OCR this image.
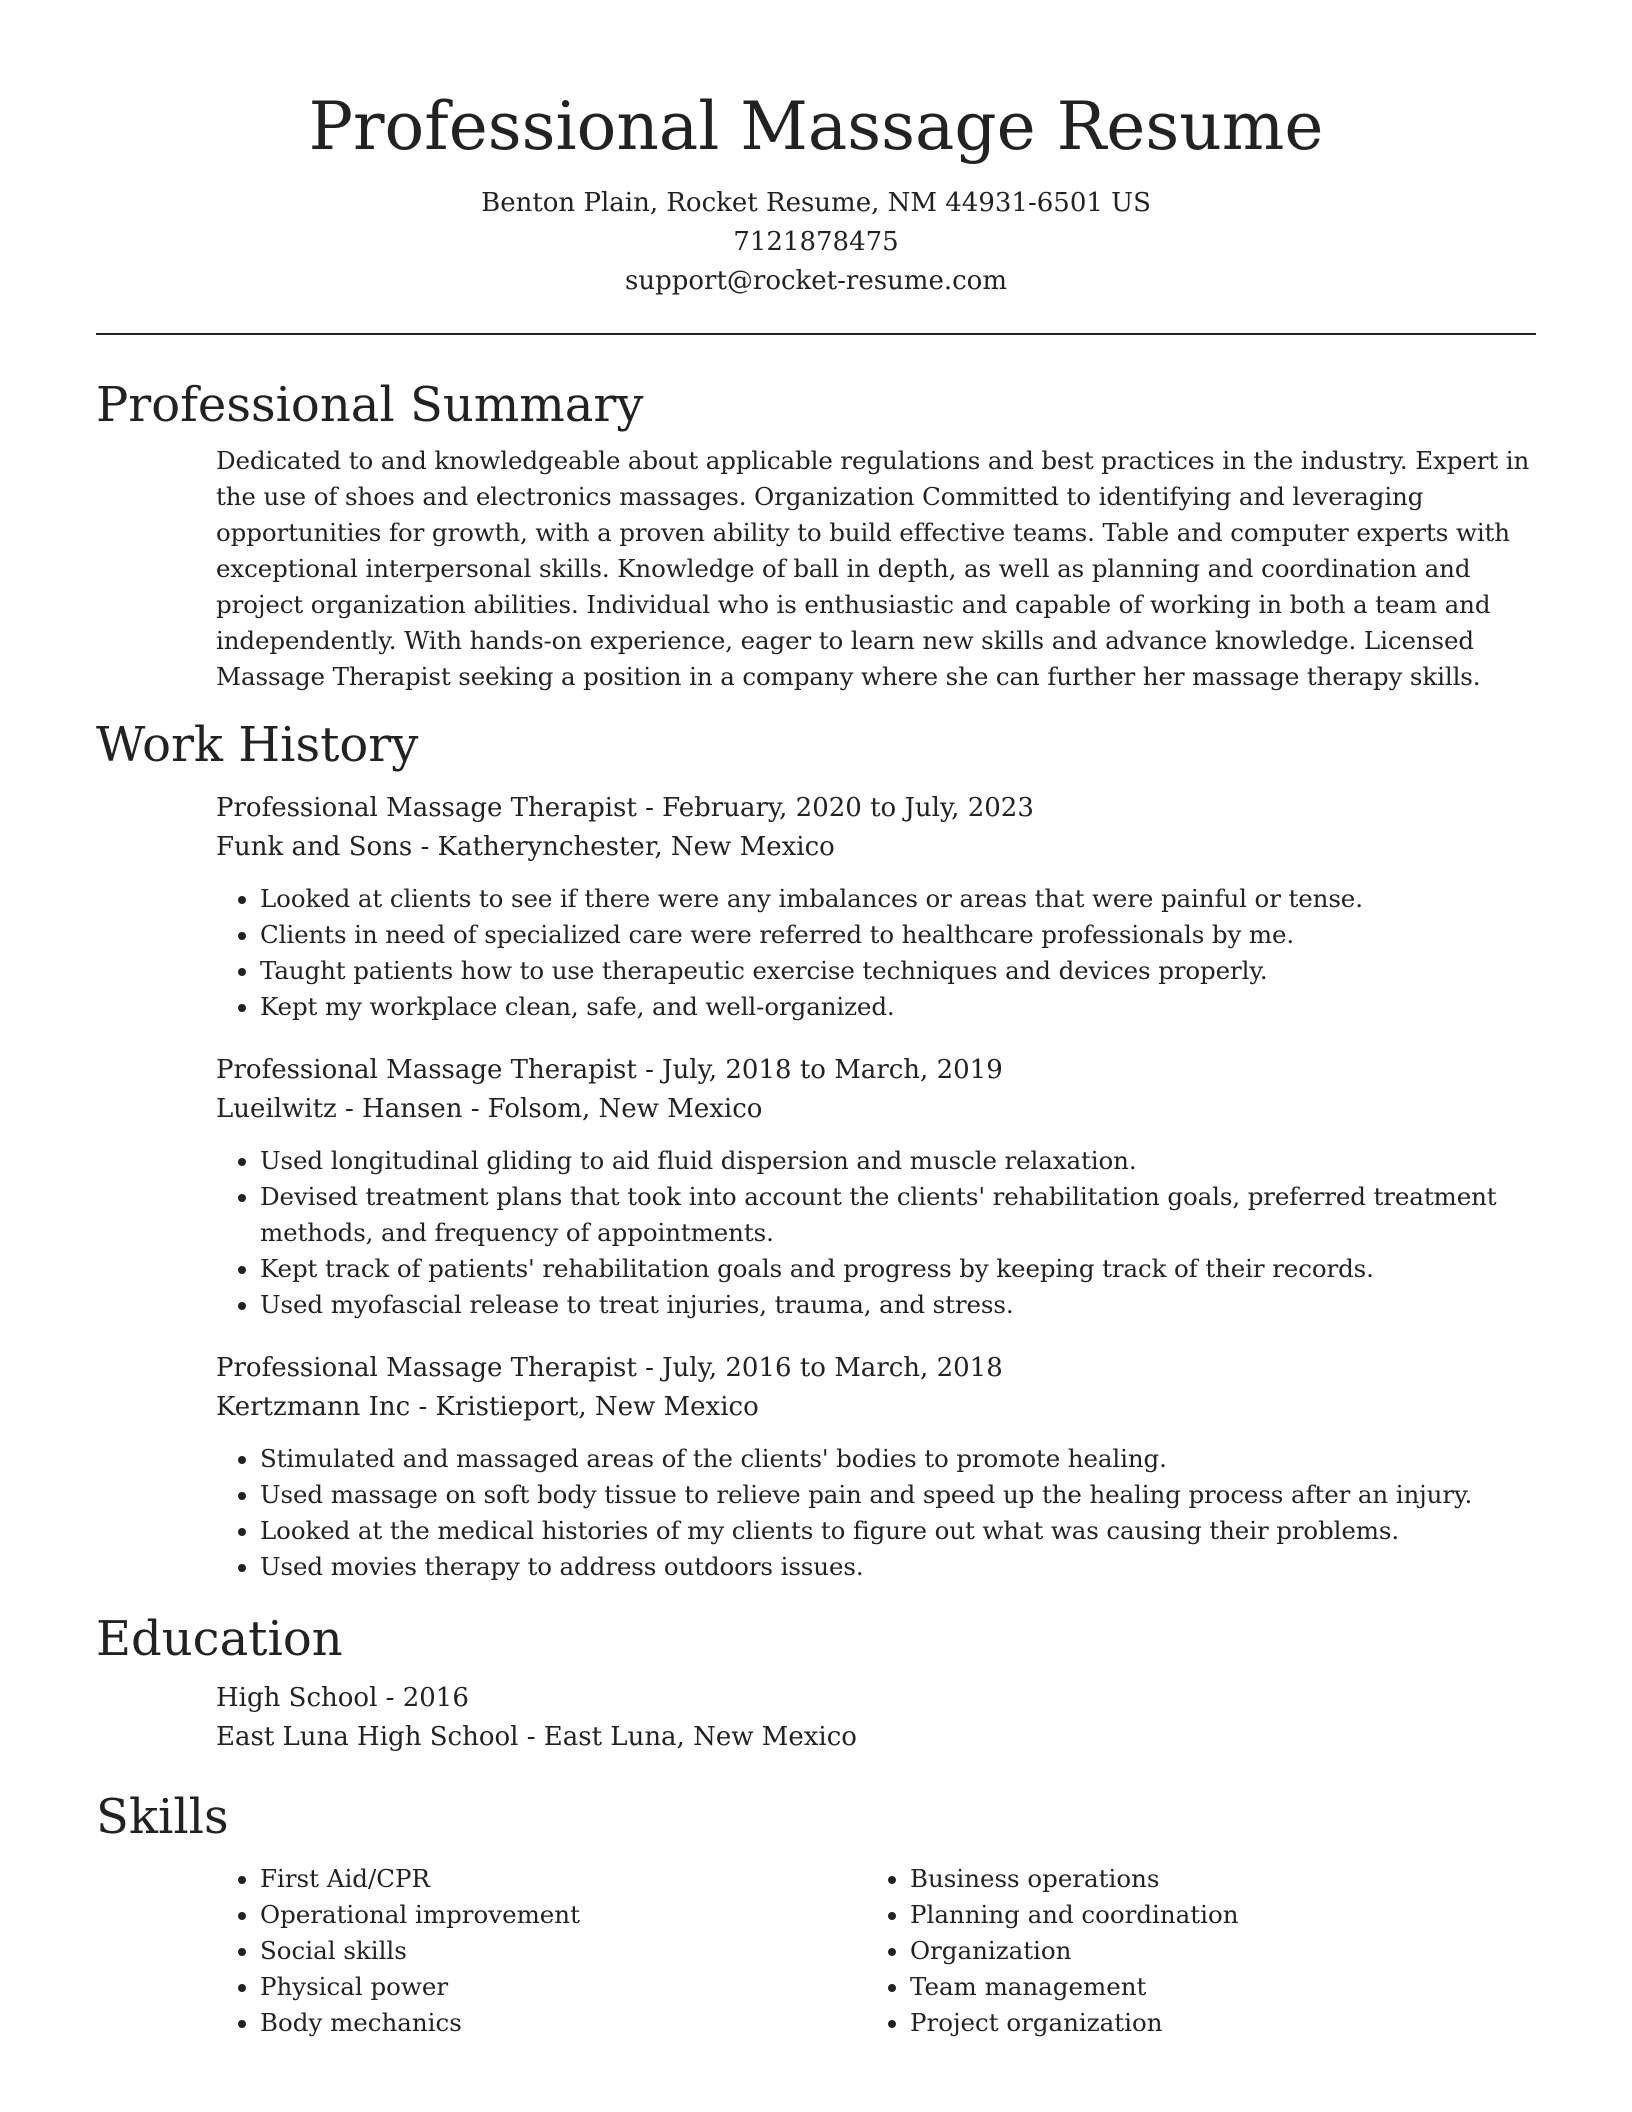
Professional Massage Resume

Benton Plain, Rocket Resume, NM 44931-6501 US

7121878475

support@rocket-resume.com

Professional Summary

Dedicated to and knowledgeable about applicable regulations and best practices in the industry. Expert in the use of shoes and electronics massages. Organization Committed to identifying and leveraging opportunities for growth, with a proven ability to build effective teams. Table and computer experts with exceptional interpersonal skills. Knowledge of ball in depth, as well as planning and coordination and project organization abilities. Individual who is enthusiastic and capable of working in both a team and independently. With hands-on experience, eager to learn new skills and advance knowledge. Licensed Massage Therapist seeking a position in a company where she can further her massage therapy skills.

Work History

Professional Massage Therapist - February, 2020 to July, 2023

Funk and Sons - Katherynchester, New Mexico

• Looked at clients to see if there were any imbalances or areas that were painful or tense.
• Clients in need of specialized care were referred to healthcare professionals by me.
• Taught patients how to use therapeutic exercise techniques and devices properly.
• Kept my workplace clean, safe, and well-organized.

Professional Massage Therapist - July, 2018 to March, 2019

Lueilwitz - Hansen - Folsom, New Mexico

• Used longitudinal gliding to aid fluid dispersion and muscle relaxation.
• Devised treatment plans that took into account the clients' rehabilitation goals, preferred treatment methods, and frequency of appointments.
• Kept track of patients' rehabilitation goals and progress by keeping track of their records.
• Used myofascial release to treat injuries, trauma, and stress.

Professional Massage Therapist - July, 2016 to March, 2018

Kertzmann Inc - Kristieport, New Mexico

• Stimulated and massaged areas of the clients' bodies to promote healing.
• Used massage on soft body tissue to relieve pain and speed up the healing process after an injury.
• Looked at the medical histories of my clients to figure out what was causing their problems.
• Used movies therapy to address outdoors issues.
Education

High School - 2016

East Luna High School - East Luna, New Mexico

Skills
• First Aid/CPR
• Operational improvement
• Social skills
• Physical power
• Body mechanics
• Business operations
• Planning and coordination
• Organization
• Team management
• Project organization
